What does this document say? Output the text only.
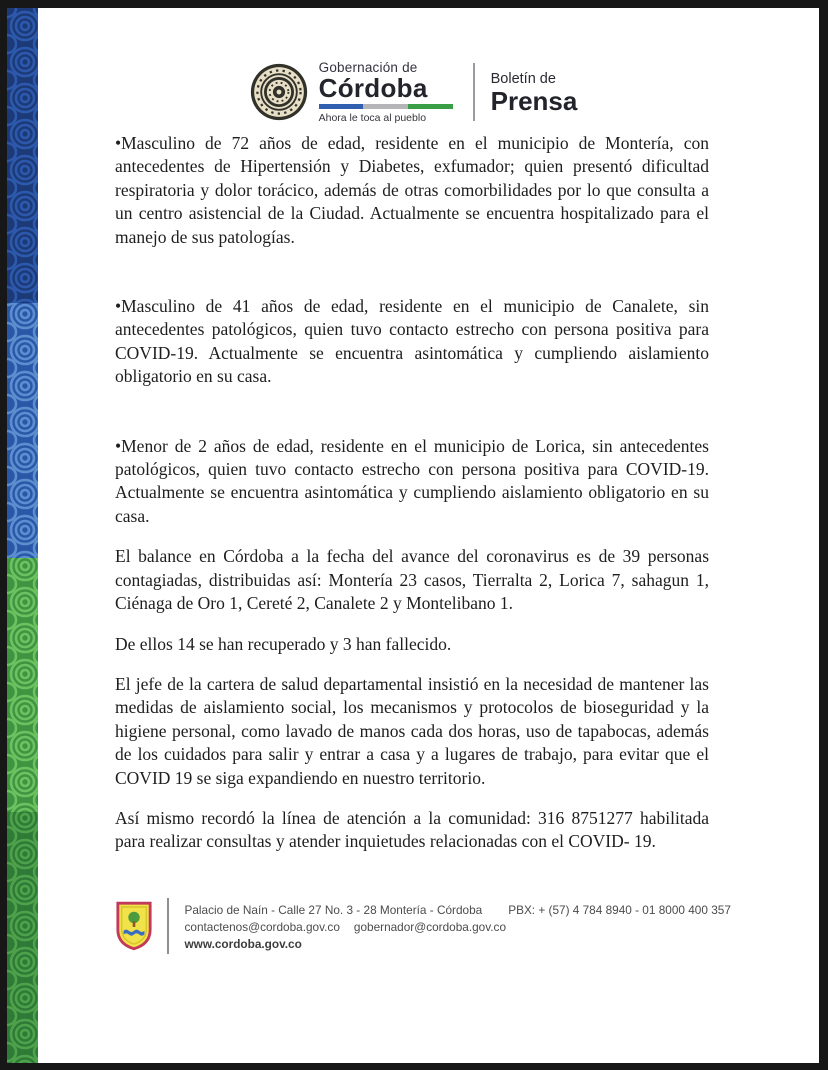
Gobernación de
Córdoba
Ahora le toca al pueblo
Boletín de
Prensa

•Masculino de 72 años de edad, residente en el municipio de Montería, con antecedentes de Hipertensión y Diabetes, exfumador; quien presentó dificultad respiratoria y dolor torácico, además de otras comorbilidades por lo que consulta a un centro asistencial de la Ciudad. Actualmente se encuentra hospitalizado para el manejo de sus patologías.

•Masculino de 41 años de edad, residente en el municipio de Canalete, sin antecedentes patológicos, quien tuvo contacto estrecho con persona positiva para COVID-19. Actualmente se encuentra asintomática y cumpliendo aislamiento obligatorio en su casa.

•Menor de 2 años de edad, residente en el municipio de Lorica, sin antecedentes patológicos, quien tuvo contacto estrecho con persona positiva para COVID-19. Actualmente se encuentra asintomática y cumpliendo aislamiento obligatorio en su casa.

El balance en Córdoba a la fecha del avance del coronavirus es de 39 personas contagiadas, distribuidas así: Montería 23 casos, Tierralta 2, Lorica 7, sahagun 1, Ciénaga de Oro 1, Cereté 2, Canalete 2 y Montelibano 1.

De ellos 14 se han recuperado y 3 han fallecido.

El jefe de la cartera de salud departamental insistió en la necesidad de mantener las medidas de aislamiento social, los mecanismos y protocolos de bioseguridad y la higiene personal, como lavado de manos cada dos horas, uso de tapabocas, además de los cuidados para salir y entrar a casa y a lugares de trabajo, para evitar que el COVID 19 se siga expandiendo en nuestro territorio.

Así mismo recordó la línea de atención a la comunidad: 316 8751277 habilitada para realizar consultas y atender inquietudes relacionadas con el COVID- 19.

Palacio de Naín - Calle 27 No. 3 - 28 Montería - Córdoba PBX: + (57) 4 784 8940 - 01 8000 400 357
contactenos@cordoba.gov.co gobernador@cordoba.gov.co
www.cordoba.gov.co
